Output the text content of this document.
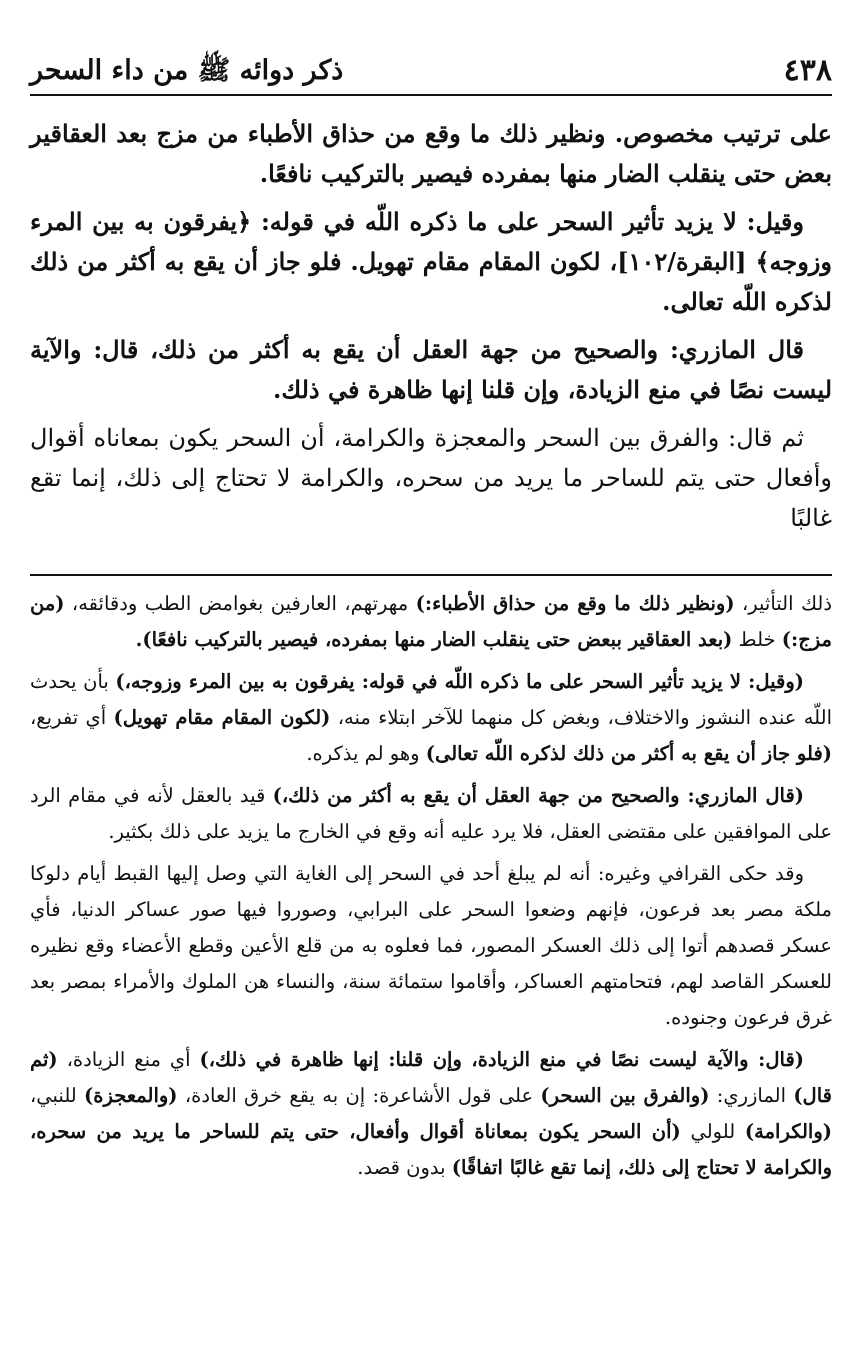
٤٣٨
ذكر دوائه ﷺ من داء السحر

على ترتيب مخصوص. ونظير ذلك ما وقع من حذاق الأطباء من مزج بعد العقاقير بعض حتى ينقلب الضار منها بمفرده فيصير بالتركيب نافعًا.

وقيل: لا يزيد تأثير السحر على ما ذكره اللّه في قوله: ﴿يفرقون به بين المرء وزوجه﴾ [البقرة/١٠٢]، لكون المقام مقام تهويل. فلو جاز أن يقع به أكثر من ذلك لذكره اللّه تعالى.

قال المازري: والصحيح من جهة العقل أن يقع به أكثر من ذلك، قال: والآية ليست نصًا في منع الزيادة، وإن قلنا إنها ظاهرة في ذلك.

ثم قال: والفرق بين السحر والمعجزة والكرامة، أن السحر يكون بمعاناه أقوال وأفعال حتى يتم للساحر ما يريد من سحره، والكرامة لا تحتاج إلى ذلك، إنما تقع غالبًا

ذلك التأثير، (ونظير ذلك ما وقع من حذاق الأطباء:) مهرتهم، العارفين بغوامض الطب ودقائقه، (من مزج:) خلط (بعد العقاقير ببعض حتى ينقلب الضار منها بمفرده، فيصير بالتركيب نافعًا).

(وقيل: لا يزيد تأثير السحر على ما ذكره اللّه في قوله: يفرقون به بين المرء وزوجه،) بأن يحدث اللّه عنده النشوز والاختلاف، وبغض كل منهما للآخر ابتلاء منه، (لكون المقام مقام تهويل) أي تفريع، (فلو جاز أن يقع به أكثر من ذلك لذكره اللّه تعالى) وهو لم يذكره.

(قال المازري: والصحيح من جهة العقل أن يقع به أكثر من ذلك،) قيد بالعقل لأنه في مقام الرد على الموافقين على مقتضى العقل، فلا يرد عليه أنه وقع في الخارج ما يزيد على ذلك بكثير.

وقد حكى القرافي وغيره: أنه لم يبلغ أحد في السحر إلى الغاية التي وصل إليها القبط أيام دلوكا ملكة مصر بعد فرعون، فإنهم وضعوا السحر على البرابي، وصوروا فيها صور عساكر الدنيا، فأي عسكر قصدهم أتوا إلى ذلك العسكر المصور، فما فعلوه به من قلع الأعين وقطع الأعضاء وقع نظيره للعسكر القاصد لهم، فتحامتهم العساكر، وأقاموا ستمائة سنة، والنساء هن الملوك والأمراء بمصر بعد غرق فرعون وجنوده.

(قال: والآية ليست نصًا في منع الزيادة، وإن قلنا: إنها ظاهرة في ذلك،) أي منع الزيادة، (ثم قال) المازري: (والفرق بين السحر) على قول الأشاعرة: إن به يقع خرق العادة، (والمعجزة) للنبي، (والكرامة) للولي (أن السحر يكون بمعاناة أقوال وأفعال، حتى يتم للساحر ما يريد من سحره، والكرامة لا تحتاج إلى ذلك، إنما تقع غالبًا اتفاقًا) بدون قصد.
